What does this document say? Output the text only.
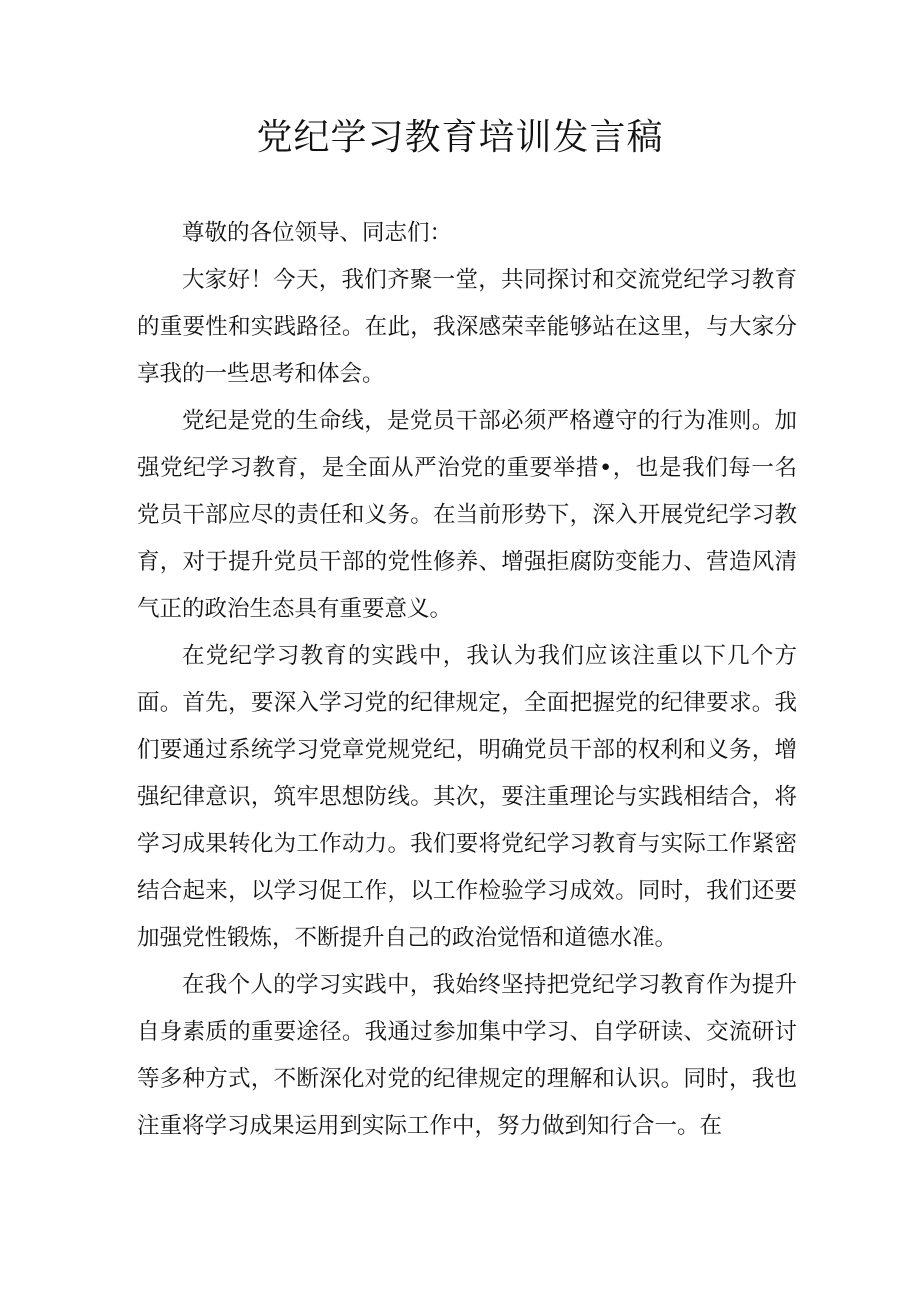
党纪学习教育培训发言稿

尊敬的各位领导、同志们：

大家好！今天，我们齐聚一堂，共同探讨和交流党纪学习教育的重要性和实践路径。在此，我深感荣幸能够站在这里，与大家分享我的一些思考和体会。

党纪是党的生命线，是党员干部必须严格遵守的行为准则。加强党纪学习教育，是全面从严治党的重要举措•，也是我们每一名党员干部应尽的责任和义务。在当前形势下，深入开展党纪学习教育，对于提升党员干部的党性修养、增强拒腐防变能力、营造风清气正的政治生态具有重要意义。

在党纪学习教育的实践中，我认为我们应该注重以下几个方面。首先，要深入学习党的纪律规定，全面把握党的纪律要求。我们要通过系统学习党章党规党纪，明确党员干部的权利和义务，增强纪律意识，筑牢思想防线。其次，要注重理论与实践相结合，将学习成果转化为工作动力。我们要将党纪学习教育与实际工作紧密结合起来，以学习促工作，以工作检验学习成效。同时，我们还要加强党性锻炼，不断提升自己的政治觉悟和道德水准。

在我个人的学习实践中，我始终坚持把党纪学习教育作为提升自身素质的重要途径。我通过参加集中学习、自学研读、交流研讨等多种方式，不断深化对党的纪律规定的理解和认识。同时，我也注重将学习成果运用到实际工作中，努力做到知行合一。在
